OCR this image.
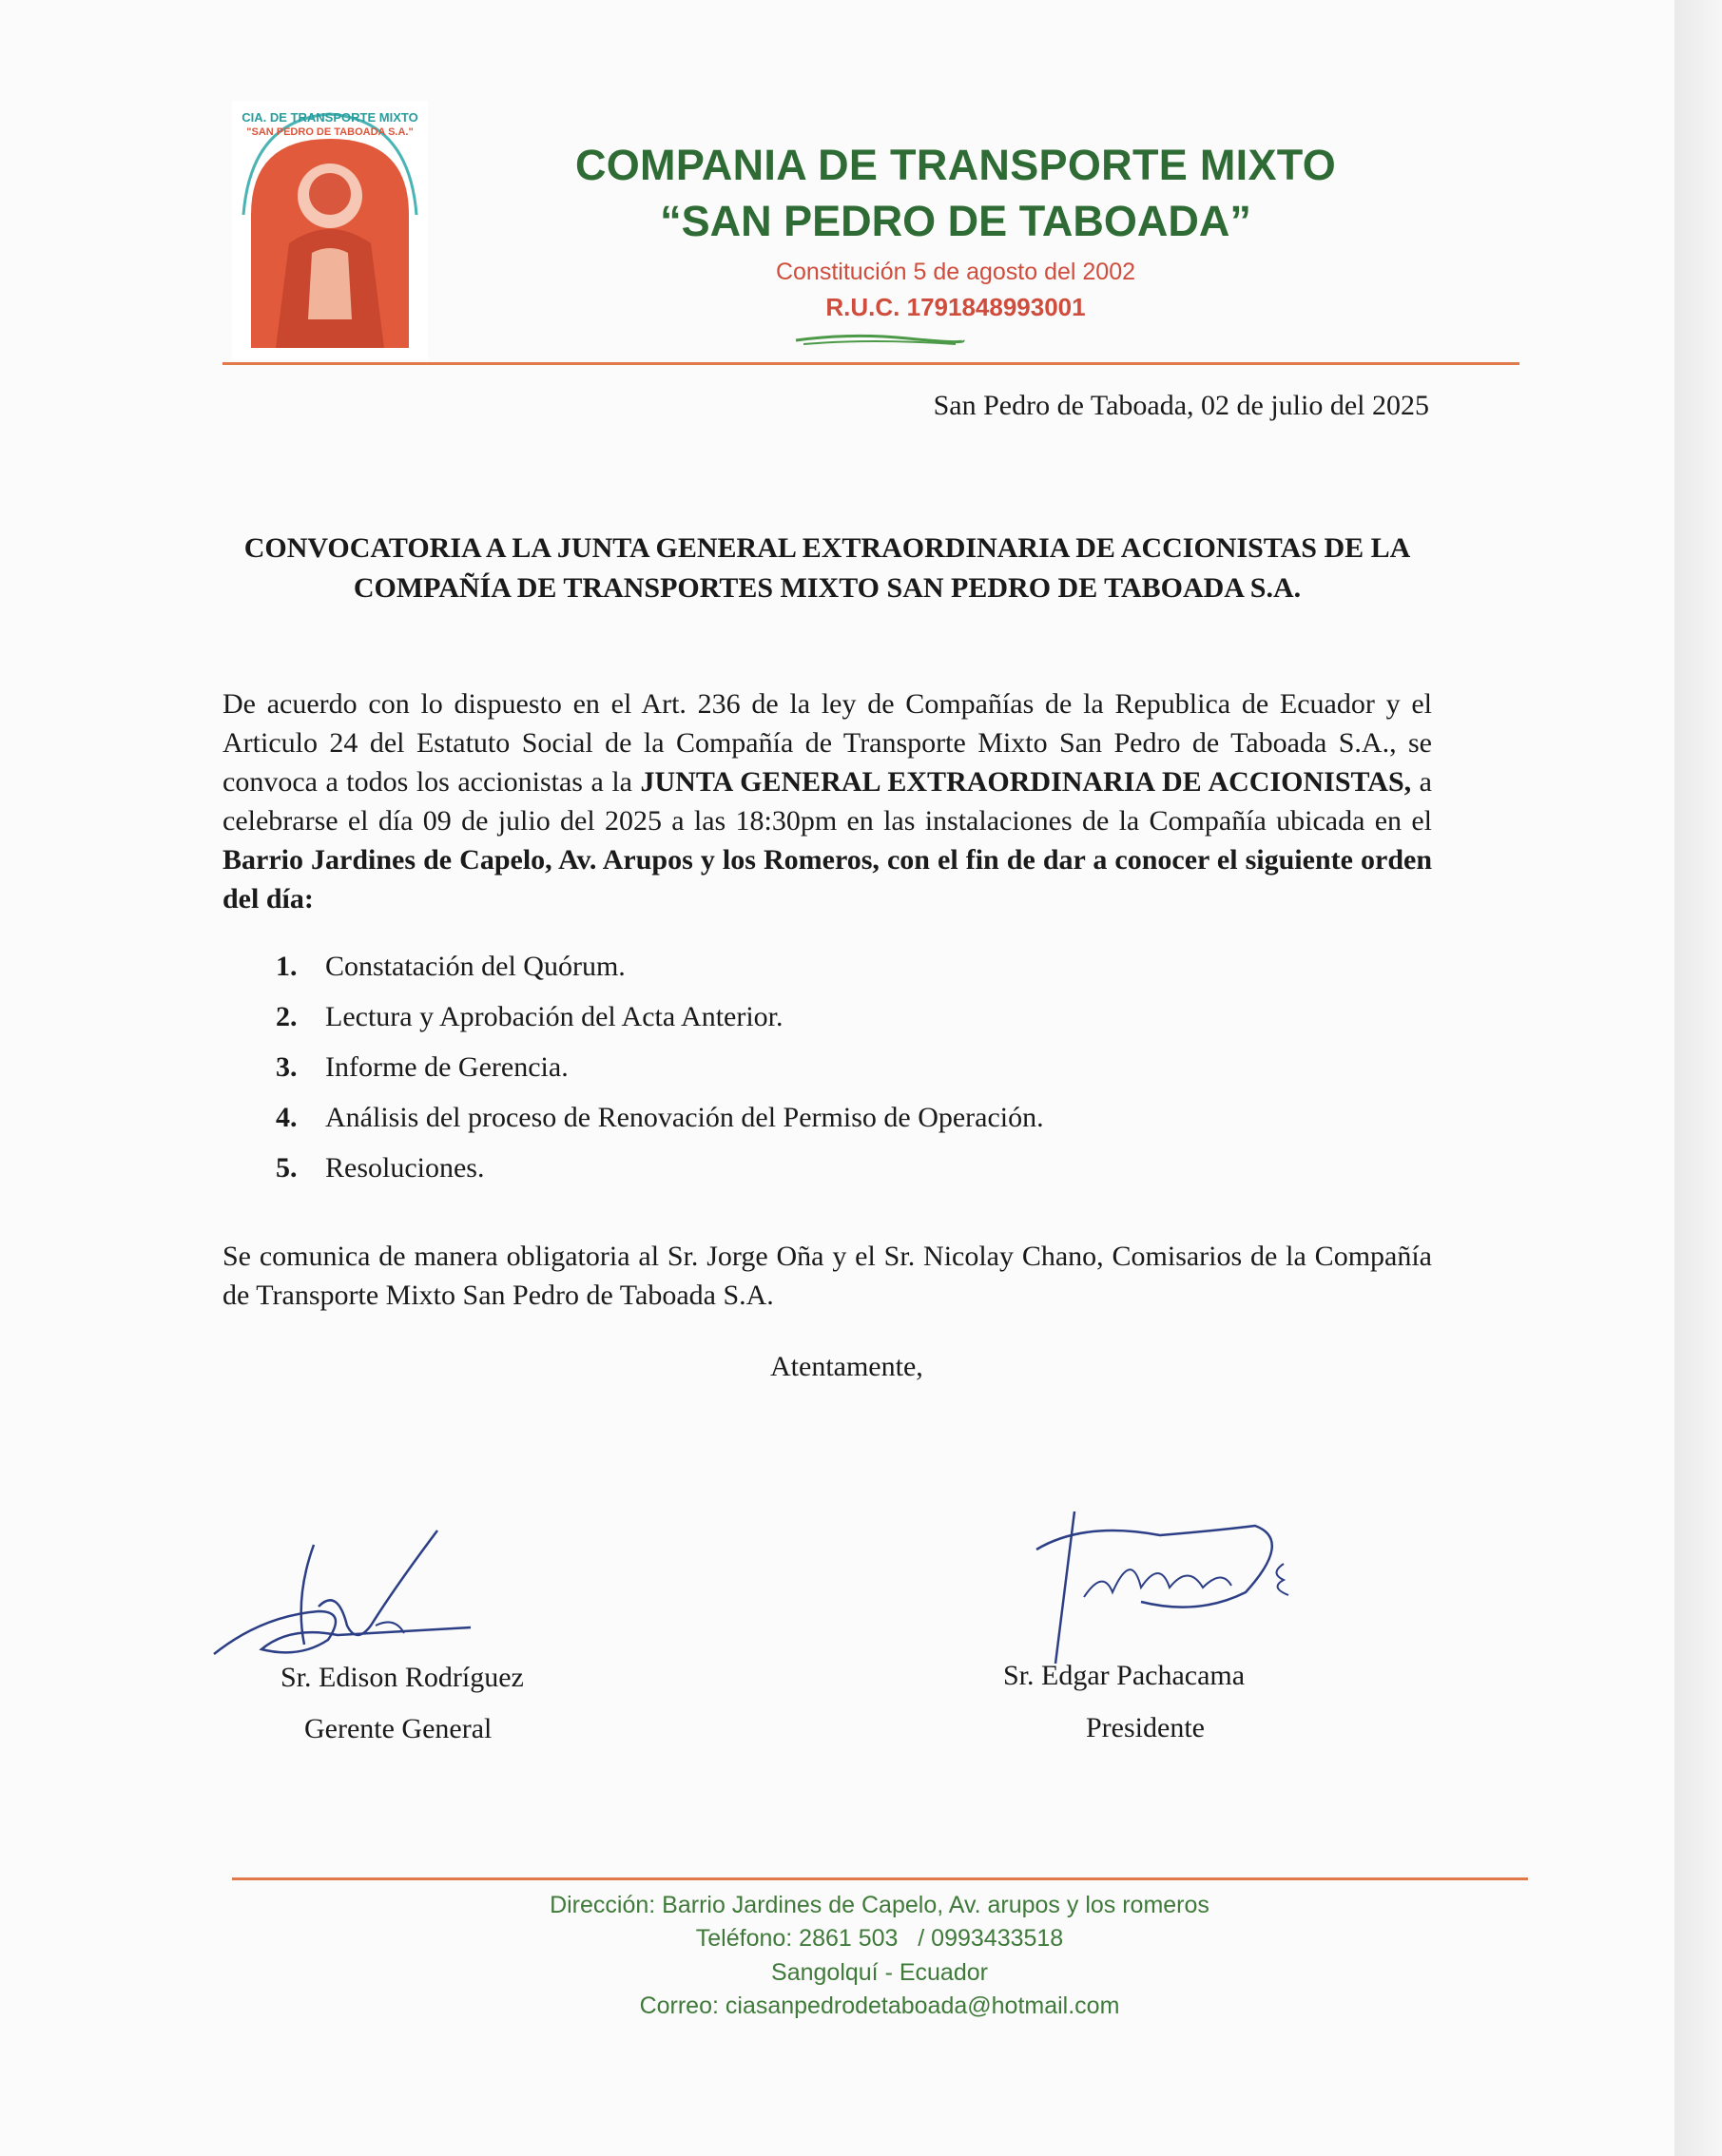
CIA. DE TRANSPORTE MIXTO
"SAN PEDRO DE TABOADA S.A."
COMPANIA DE TRANSPORTE MIXTO
“SAN PEDRO DE TABOADA”
Constitución 5 de agosto del 2002
R.U.C. 1791848993001
San Pedro de Taboada, 02 de julio del 2025
CONVOCATORIA A LA JUNTA GENERAL EXTRAORDINARIA DE ACCIONISTAS DE LA COMPAÑÍA DE TRANSPORTES MIXTO SAN PEDRO DE TABOADA S.A.
De acuerdo con lo dispuesto en el Art. 236 de la ley de Compañías de la Republica de Ecuador y el Articulo 24 del Estatuto Social de la Compañía de Transporte Mixto San Pedro de Taboada S.A., se convoca a todos los accionistas a la JUNTA GENERAL EXTRAORDINARIA DE ACCIONISTAS, a celebrarse el día 09 de julio del 2025 a las 18:30pm en las instalaciones de la Compañía ubicada en el Barrio Jardines de Capelo, Av. Arupos y los Romeros, con el fin de dar a conocer el siguiente orden del día:
1. Constatación del Quórum.
2. Lectura y Aprobación del Acta Anterior.
3. Informe de Gerencia.
4. Análisis del proceso de Renovación del Permiso de Operación.
5. Resoluciones.
Se comunica de manera obligatoria al Sr. Jorge Oña y el Sr. Nicolay Chano, Comisarios de la Compañía de Transporte Mixto San Pedro de Taboada S.A.
Atentamente,
Sr. Edison Rodríguez
Gerente General
Sr. Edgar Pachacama
Presidente
Dirección: Barrio Jardines de Capelo, Av. arupos y los romeros
Teléfono: 2861 503   / 0993433518
Sangolquí - Ecuador
Correo: ciasanpedrodetaboada@hotmail.com
